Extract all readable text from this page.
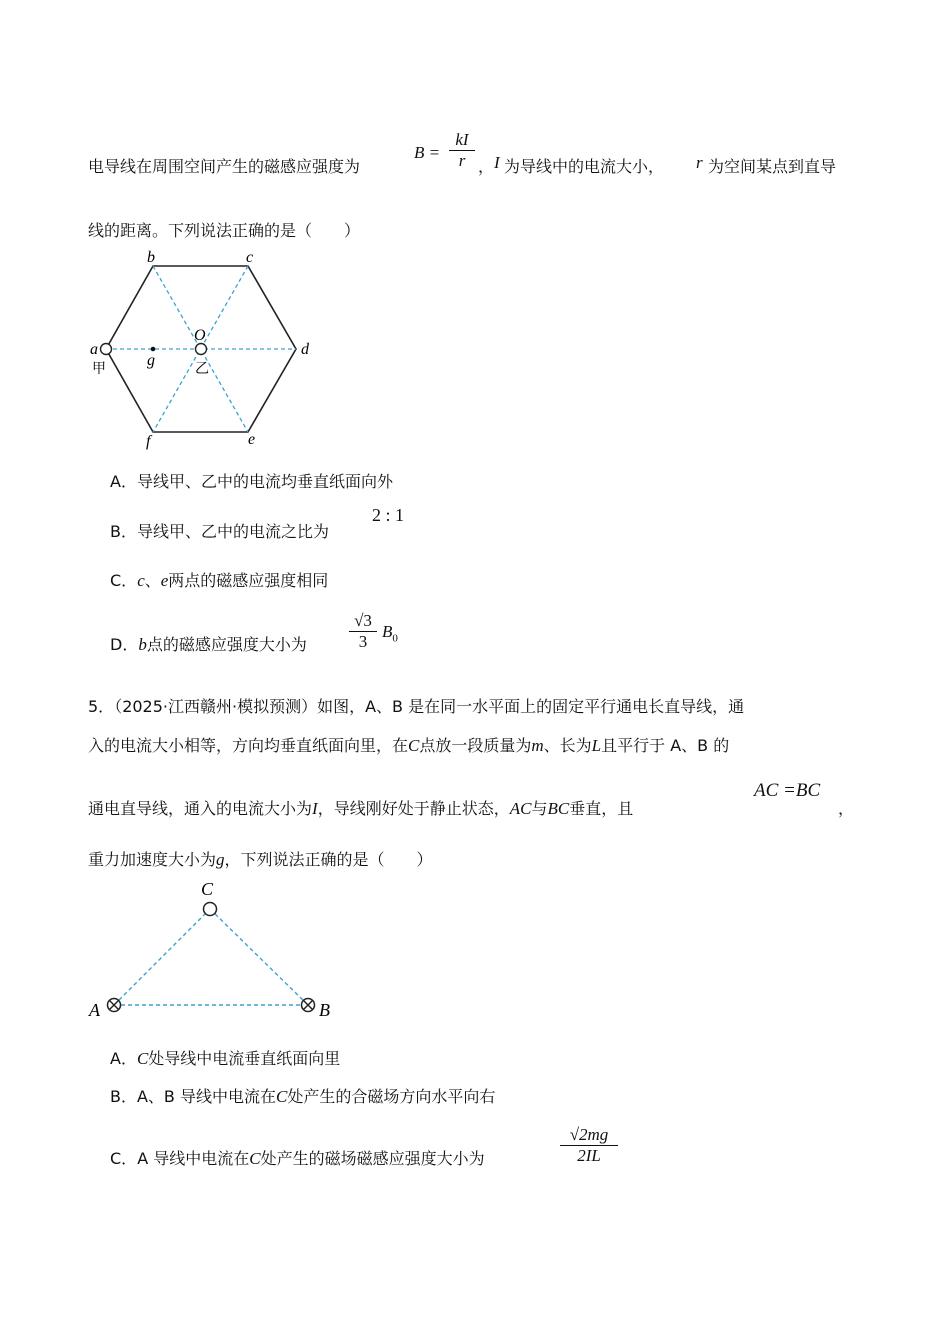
电导线在周围空间产生的磁感应强度为
B =
kI
r ， I 为导线中的电流大小， r 为空间某点到直导
线的距离。下列说法正确的是（　　）
a
b	c
d
e
f
g
O
甲	乙
A．导线甲、乙中的电流均垂直纸面向外
B．导线甲、乙中的电流之比为
2 : 1
C．c、e两点的磁感应强度相同
D．b点的磁感应强度大小为
√3
3
$B_0$
5．（2025·江西赣州·模拟预测）如图，A、B 是在同一水平面上的固定平行通电长直导线，通
入的电流大小相等，方向均垂直纸面向里，在C点放一段质量为m、长为L且平行于 A、B 的
通电直导线，通入的电流大小为I，导线刚好处于静止状态，AC与BC垂直，且
AC =BC
，
重力加速度大小为g，下列说法正确的是（　　）
C
A	B
A．C处导线中电流垂直纸面向里
B．A、B 导线中电流在C处产生的合磁场方向水平向右
C．A 导线中电流在C处产生的磁场磁感应强度大小为
√2mg
2IL
